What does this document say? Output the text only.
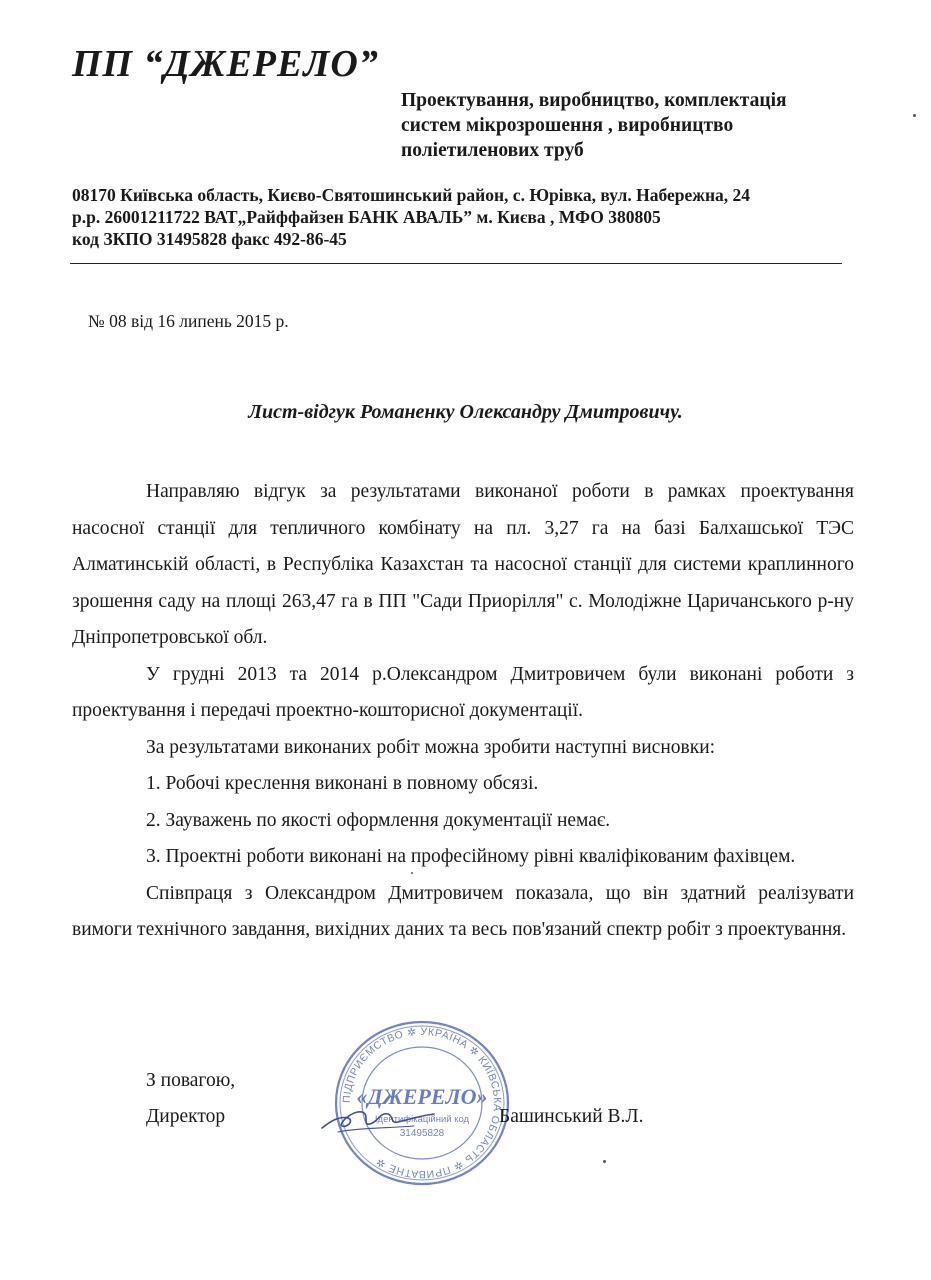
ПП “ДЖЕРЕЛО”
Проектування, виробництво, комплектація
систем мікрозрошення , виробництво
поліетиленових труб
08170 Київська область, Києво-Святошинський район, с. Юрівка, вул. Набережна, 24
р.р. 26001211722 ВАТ„Райффайзен БАНК АВАЛЬ” м. Києва , МФО 380805
код ЗКПО 31495828 факс 492-86-45
№ 08 від 16 липень 2015 р.
Лист-відгук Романенку Олександру Дмитровичу.

Направляю відгук за результатами виконаної роботи в рамках проектування насосної станції для тепличного комбінату на пл. 3,27 га на базі Балхашської ТЭС Алматинській області, в Республіка Казахстан та насосної станції для системи краплинного зрошення саду на площі 263,47 га в ПП "Сади Приорілля" с. Молодіжне Царичанського р-ну Дніпропетровської обл.

У грудні 2013 та 2014 р.Олександром Дмитровичем були виконані роботи з проектування і передачі проектно-кошторисної документації.

За результатами виконаних робіт можна зробити наступні висновки:

1. Робочі креслення виконані в повному обсязі.

2. Зауважень по якості оформлення документації немає.

3. Проектні роботи виконані на професійному рівні кваліфікованим фахівцем.

Співпраця з Олександром Дмитровичем показала, що він здатний реалізувати вимоги технічного завдання, вихідних даних та весь пов'язаний спектр робіт з проектування.

З повагою,
Директор
ПІДПРИЄМСТВО ✲ УКРАЇНА ✲ КИЇВСЬКА ОБЛАСТЬ ✲ ПРИВАТНЕ ✲
«ДЖЕРЕЛО»
Ідентифікаційний код
31495828
Башинський В.Л.
